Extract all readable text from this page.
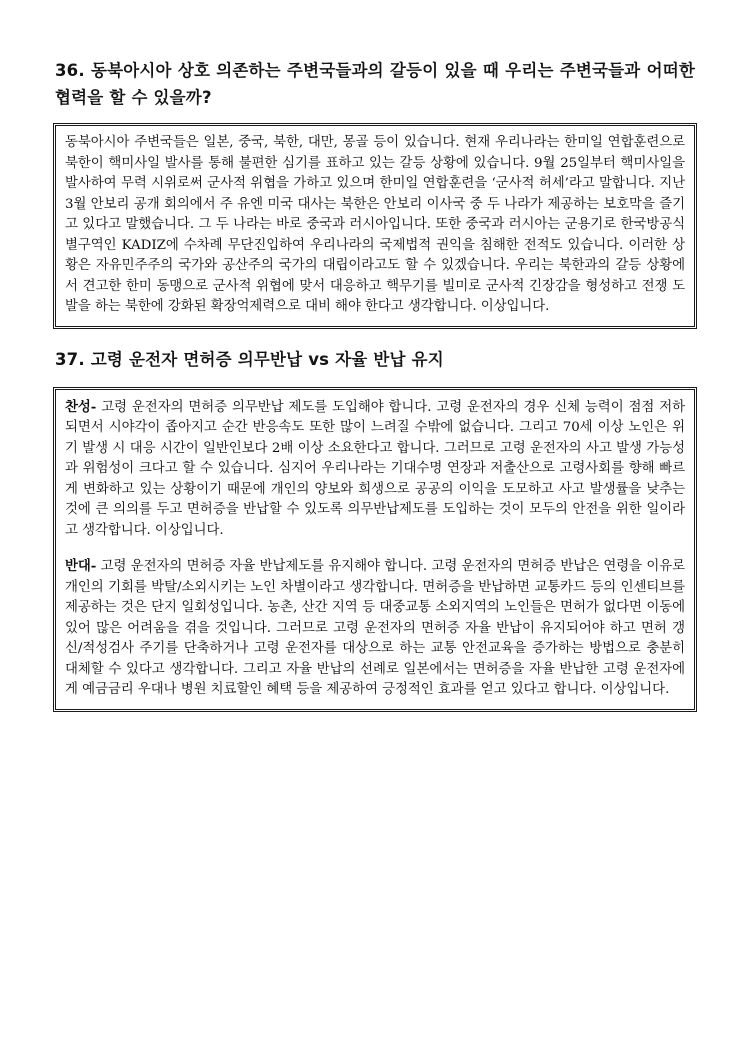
36. 동북아시아 상호 의존하는 주변국들과의 갈등이 있을 때 우리는 주변국들과 어떠한 협력을 할 수 있을까?

동북아시아 주변국들은 일본, 중국, 북한, 대만, 몽골 등이 있습니다. 현재 우리나라는 한미일 연합훈련으로 북한이 핵미사일 발사를 통해 불편한 심기를 표하고 있는 갈등 상황에 있습니다. 9월 25일부터 핵미사일을 발사하여 무력 시위로써 군사적 위협을 가하고 있으며 한미일 연합훈련을 ‘군사적 허세’라고 말합니다. 지난 3월 안보리 공개 회의에서 주 유엔 미국 대사는 북한은 안보리 이사국 중 두 나라가 제공하는 보호막을 즐기고 있다고 말했습니다. 그 두 나라는 바로 중국과 러시아입니다. 또한 중국과 러시아는 군용기로 한국방공식별구역인 KADIZ에 수차례 무단진입하여 우리나라의 국제법적 권익을 침해한 전적도 있습니다. 이러한 상황은 자유민주주의 국가와 공산주의 국가의 대립이라고도 할 수 있겠습니다. 우리는 북한과의 갈등 상황에서 견고한 한미 동맹으로 군사적 위협에 맞서 대응하고 핵무기를 빌미로 군사적 긴장감을 형성하고 전쟁 도발을 하는 북한에 강화된 확장억제력으로 대비 해야 한다고 생각합니다. 이상입니다.

37. 고령 운전자 면허증 의무반납 vs 자율 반납 유지

찬성- 고령 운전자의 면허증 의무반납 제도를 도입해야 합니다. 고령 운전자의 경우 신체 능력이 점점 저하되면서 시야각이 좁아지고 순간 반응속도 또한 많이 느려질 수밖에 없습니다. 그리고 70세 이상 노인은 위기 발생 시 대응 시간이 일반인보다 2배 이상 소요한다고 합니다. 그러므로 고령 운전자의 사고 발생 가능성과 위험성이 크다고 할 수 있습니다. 심지어 우리나라는 기대수명 연장과 저출산으로 고령사회를 향해 빠르게 변화하고 있는 상황이기 때문에 개인의 양보와 희생으로 공공의 이익을 도모하고 사고 발생률을 낮추는 것에 큰 의의를 두고 면허증을 반납할 수 있도록 의무반납제도를 도입하는 것이 모두의 안전을 위한 일이라고 생각합니다. 이상입니다.

반대- 고령 운전자의 면허증 자율 반납제도를 유지해야 합니다. 고령 운전자의 면허증 반납은 연령을 이유로 개인의 기회를 박탈/소외시키는 노인 차별이라고 생각합니다. 면허증을 반납하면 교통카드 등의 인센티브를 제공하는 것은 단지 일회성입니다. 농촌, 산간 지역 등 대중교통 소외지역의 노인들은 면허가 없다면 이동에 있어 많은 어려움을 겪을 것입니다. 그러므로 고령 운전자의 면허증 자율 반납이 유지되어야 하고 면허 갱신/적성검사 주기를 단축하거나 고령 운전자를 대상으로 하는 교통 안전교육을 증가하는 방법으로 충분히 대체할 수 있다고 생각합니다. 그리고 자율 반납의 선례로 일본에서는 면허증을 자율 반납한 고령 운전자에게 예금금리 우대나 병원 치료할인 혜택 등을 제공하여 긍정적인 효과를 얻고 있다고 합니다. 이상입니다.
